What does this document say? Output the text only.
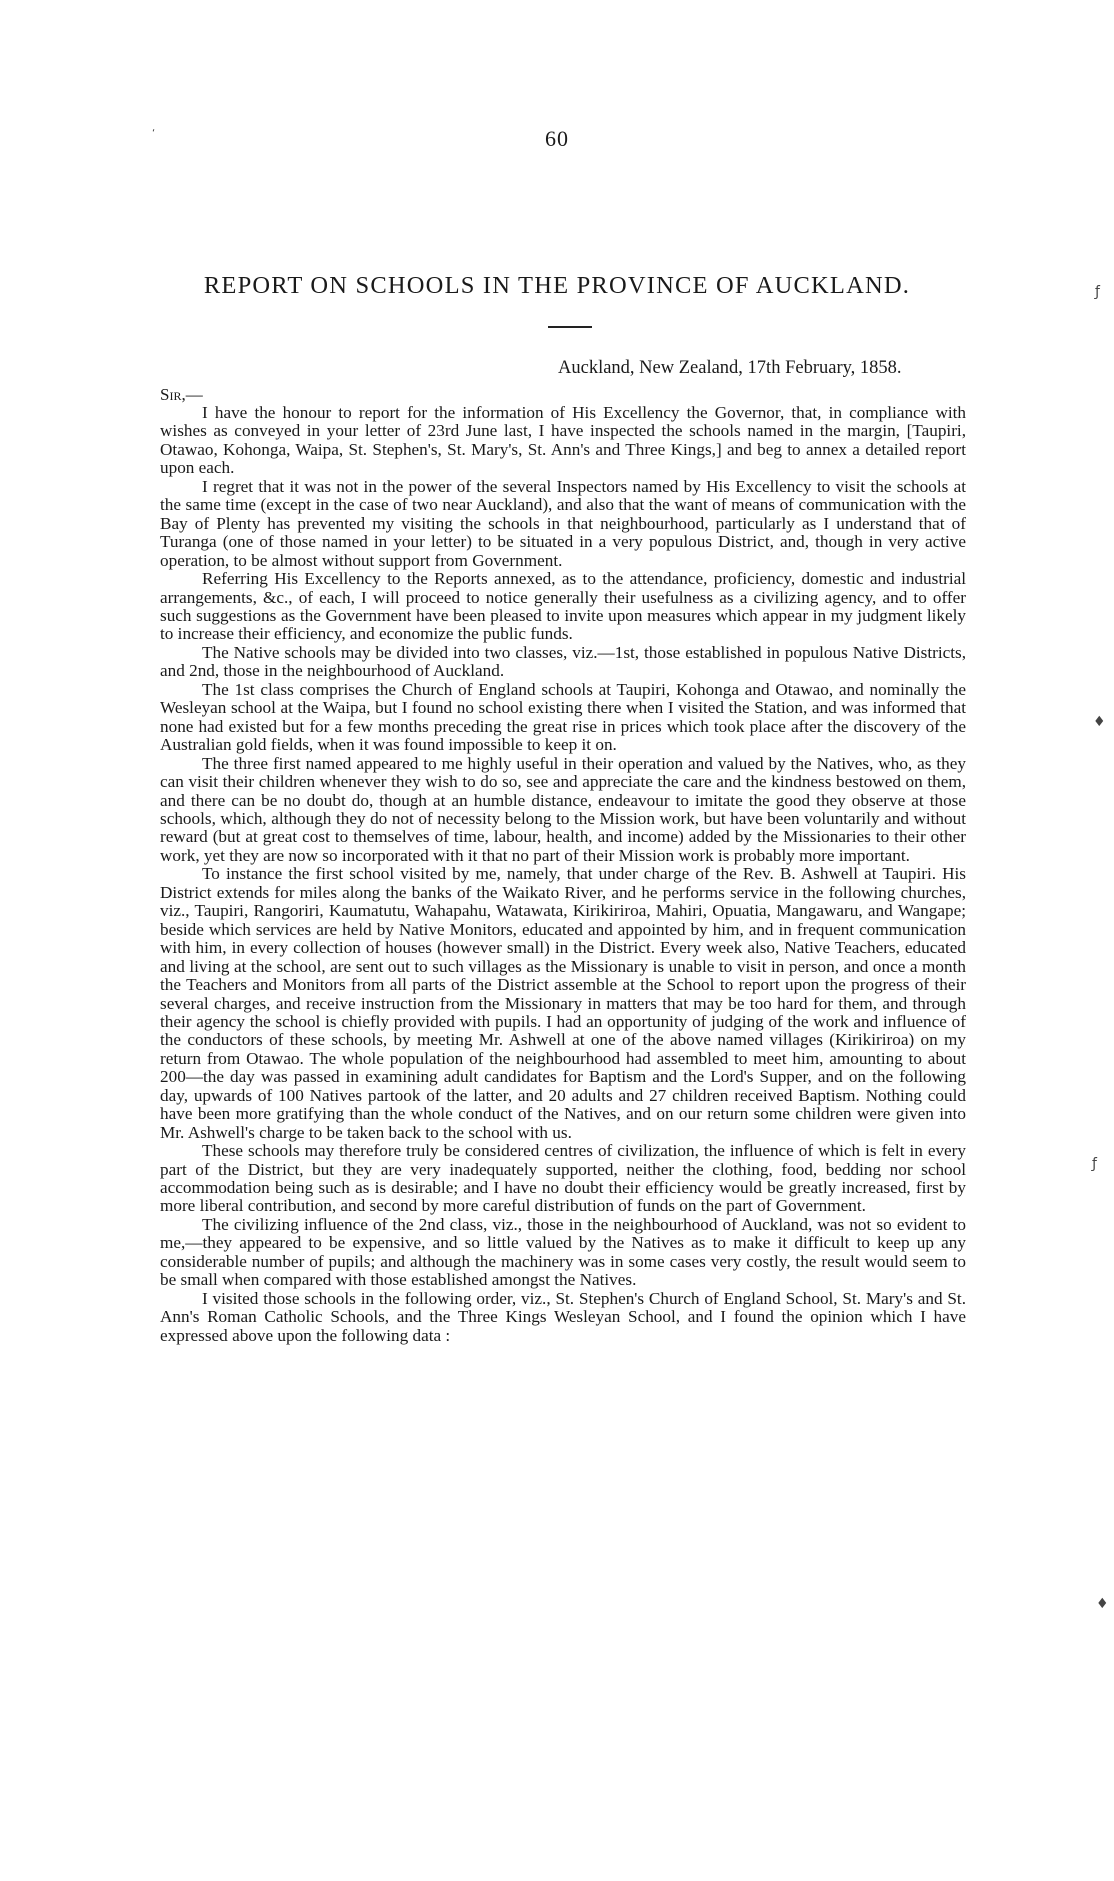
60
REPORT ON SCHOOLS IN THE PROVINCE OF AUCKLAND.
Auckland, New Zealand, 17th February, 1858.
Sir,—

I have the honour to report for the information of His Excellency the Governor, that, in compliance with wishes as conveyed in your letter of 23rd June last, I have inspected the schools named in the margin, [Taupiri, Otawao, Kohonga, Waipa, St. Stephen's, St. Mary's, St. Ann's and Three Kings,] and beg to annex a detailed report upon each.

I regret that it was not in the power of the several Inspectors named by His Excellency to visit the schools at the same time (except in the case of two near Auckland), and also that the want of means of communication with the Bay of Plenty has prevented my visiting the schools in that neighbourhood, particularly as I understand that of Turanga (one of those named in your letter) to be situated in a very populous District, and, though in very active operation, to be almost without support from Government.

Referring His Excellency to the Reports annexed, as to the attendance, proficiency, domestic and industrial arrangements, &c., of each, I will proceed to notice generally their usefulness as a civilizing agency, and to offer such suggestions as the Government have been pleased to invite upon measures which appear in my judgment likely to increase their efficiency, and economize the public funds.

The Native schools may be divided into two classes, viz.—1st, those established in populous Native Districts, and 2nd, those in the neighbourhood of Auckland.

The 1st class comprises the Church of England schools at Taupiri, Kohonga and Otawao, and nominally the Wesleyan school at the Waipa, but I found no school existing there when I visited the Station, and was informed that none had existed but for a few months preceding the great rise in prices which took place after the discovery of the Australian gold fields, when it was found impossible to keep it on.

The three first named appeared to me highly useful in their operation and valued by the Natives, who, as they can visit their children whenever they wish to do so, see and appreciate the care and the kindness bestowed on them, and there can be no doubt do, though at an humble distance, endeavour to imitate the good they observe at those schools, which, although they do not of necessity belong to the Mission work, but have been voluntarily and without reward (but at great cost to themselves of time, labour, health, and income) added by the Missionaries to their other work, yet they are now so incorporated with it that no part of their Mission work is probably more important.

To instance the first school visited by me, namely, that under charge of the Rev. B. Ashwell at Taupiri. His District extends for miles along the banks of the Waikato River, and he performs service in the following churches, viz., Taupiri, Rangoriri, Kaumatutu, Wahapahu, Watawata, Kirikiriroa, Mahiri, Opuatia, Mangawaru, and Wangape; beside which services are held by Native Monitors, educated and appointed by him, and in frequent communication with him, in every collection of houses (however small) in the District. Every week also, Native Teachers, educated and living at the school, are sent out to such villages as the Missionary is unable to visit in person, and once a month the Teachers and Monitors from all parts of the District assemble at the School to report upon the progress of their several charges, and receive instruction from the Missionary in matters that may be too hard for them, and through their agency the school is chiefly provided with pupils. I had an opportunity of judging of the work and influence of the conductors of these schools, by meeting Mr. Ashwell at one of the above named villages (Kirikiriroa) on my return from Otawao. The whole population of the neighbourhood had assembled to meet him, amounting to about 200—the day was passed in examining adult candidates for Baptism and the Lord's Supper, and on the following day, upwards of 100 Natives partook of the latter, and 20 adults and 27 children received Baptism. Nothing could have been more gratifying than the whole conduct of the Natives, and on our return some children were given into Mr. Ashwell's charge to be taken back to the school with us.

These schools may therefore truly be considered centres of civilization, the influence of which is felt in every part of the District, but they are very inadequately supported, neither the clothing, food, bedding nor school accommodation being such as is desirable; and I have no doubt their efficiency would be greatly increased, first by more liberal contribution, and second by more careful distribution of funds on the part of Government.

The civilizing influence of the 2nd class, viz., those in the neighbourhood of Auckland, was not so evident to me,—they appeared to be expensive, and so little valued by the Natives as to make it difficult to keep up any considerable number of pupils; and although the machinery was in some cases very costly, the result would seem to be small when compared with those established amongst the Natives.

I visited those schools in the following order, viz., St. Stephen's Church of England School, St. Mary's and St. Ann's Roman Catholic Schools, and the Three Kings Wesleyan School, and I found the opinion which I have expressed above upon the following data :

‘
ƒ
♦
ƒ
♦
